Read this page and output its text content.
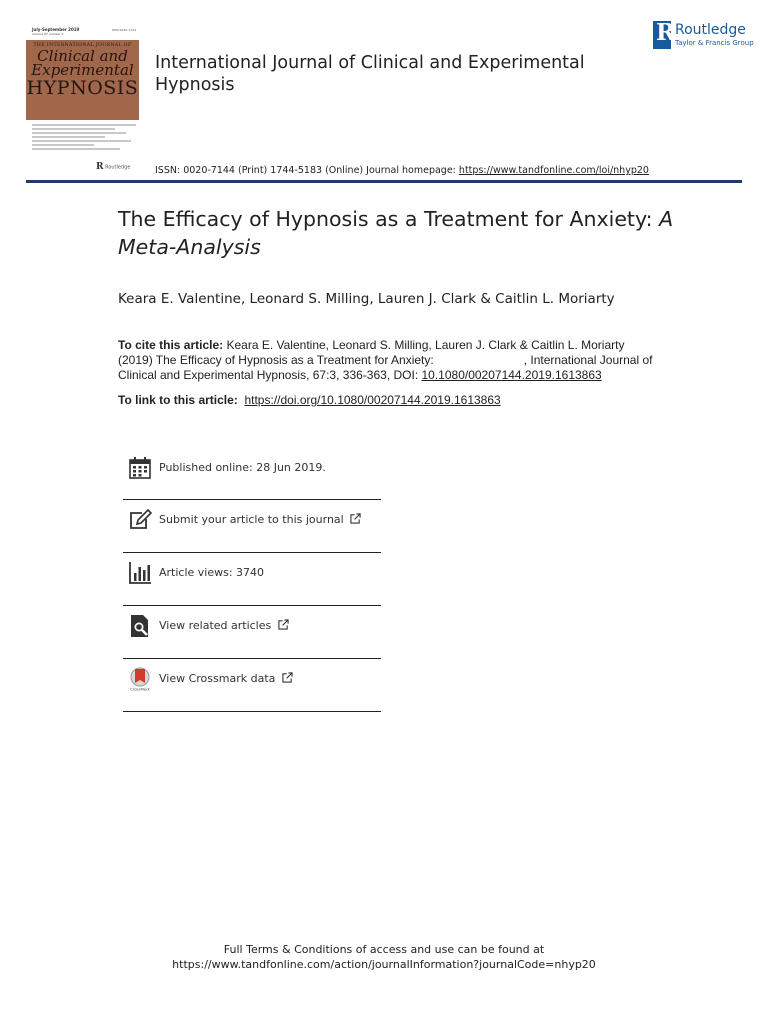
July-September 2019
Volume 67 number 3
ISSN 0020-7144
THE INTERNATIONAL JOURNAL OF
Clinical and Experimental
HYPNOSIS
R Routledge
International Journal of Clinical and Experimental Hypnosis
R Routledge
Taylor & Francis Group
ISSN: 0020-7144 (Print) 1744-5183 (Online) Journal homepage: https://www.tandfonline.com/loi/nhyp20
The Efficacy of Hypnosis as a Treatment for Anxiety: A Meta-Analysis
Keara E. Valentine, Leonard S. Milling, Lauren J. Clark & Caitlin L. Moriarty
To cite this article: Keara E. Valentine, Leonard S. Milling, Lauren J. Clark & Caitlin L. Moriarty (2019) The Efficacy of Hypnosis as a Treatment for Anxiety:	, International Journal of Clinical and Experimental Hypnosis, 67:3, 336-363, DOI: 10.1080/00207144.2019.1613863
To link to this article: https://doi.org/10.1080/00207144.2019.1613863
Published online: 28 Jun 2019.
Submit your article to this journal
Article views: 3740
View related articles
CrossMark
View Crossmark data
Full Terms & Conditions of access and use can be found at
https://www.tandfonline.com/action/journalInformation?journalCode=nhyp20
